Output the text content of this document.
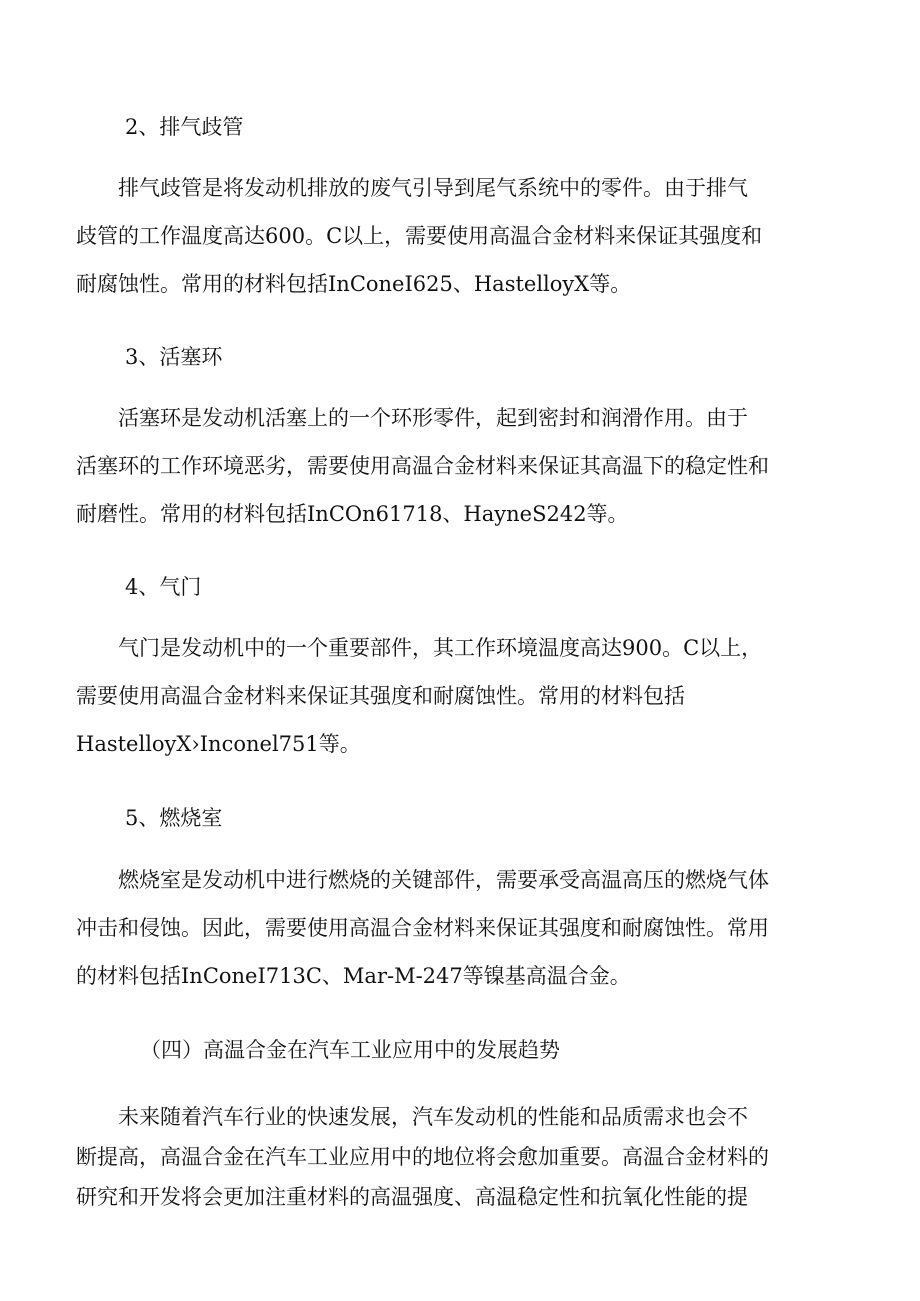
2、排气歧管
　　排气歧管是将发动机排放的废气引导到尾气系统中的零件。由于排气
歧管的工作温度高达600。C以上，需要使用高温合金材料来保证其强度和
耐腐蚀性。常用的材料包括InConeI625、HastelloyX等。
3、活塞环
　　活塞环是发动机活塞上的一个环形零件，起到密封和润滑作用。由于
活塞环的工作环境恶劣，需要使用高温合金材料来保证其高温下的稳定性和
耐磨性。常用的材料包括InCOn61718、HayneS242等。
4、气门
　　气门是发动机中的一个重要部件，其工作环境温度高达900。C以上，
需要使用高温合金材料来保证其强度和耐腐蚀性。常用的材料包括
HastelloyX›Inconel751等。
5、燃烧室
　　燃烧室是发动机中进行燃烧的关键部件，需要承受高温高压的燃烧气体
冲击和侵蚀。因此，需要使用高温合金材料来保证其强度和耐腐蚀性。常用
的材料包括InConeI713C、Mar-M-247等镍基高温合金。
（四）高温合金在汽车工业应用中的发展趋势
　　未来随着汽车行业的快速发展，汽车发动机的性能和品质需求也会不
断提高，高温合金在汽车工业应用中的地位将会愈加重要。高温合金材料的
研究和开发将会更加注重材料的高温强度、高温稳定性和抗氧化性能的提
